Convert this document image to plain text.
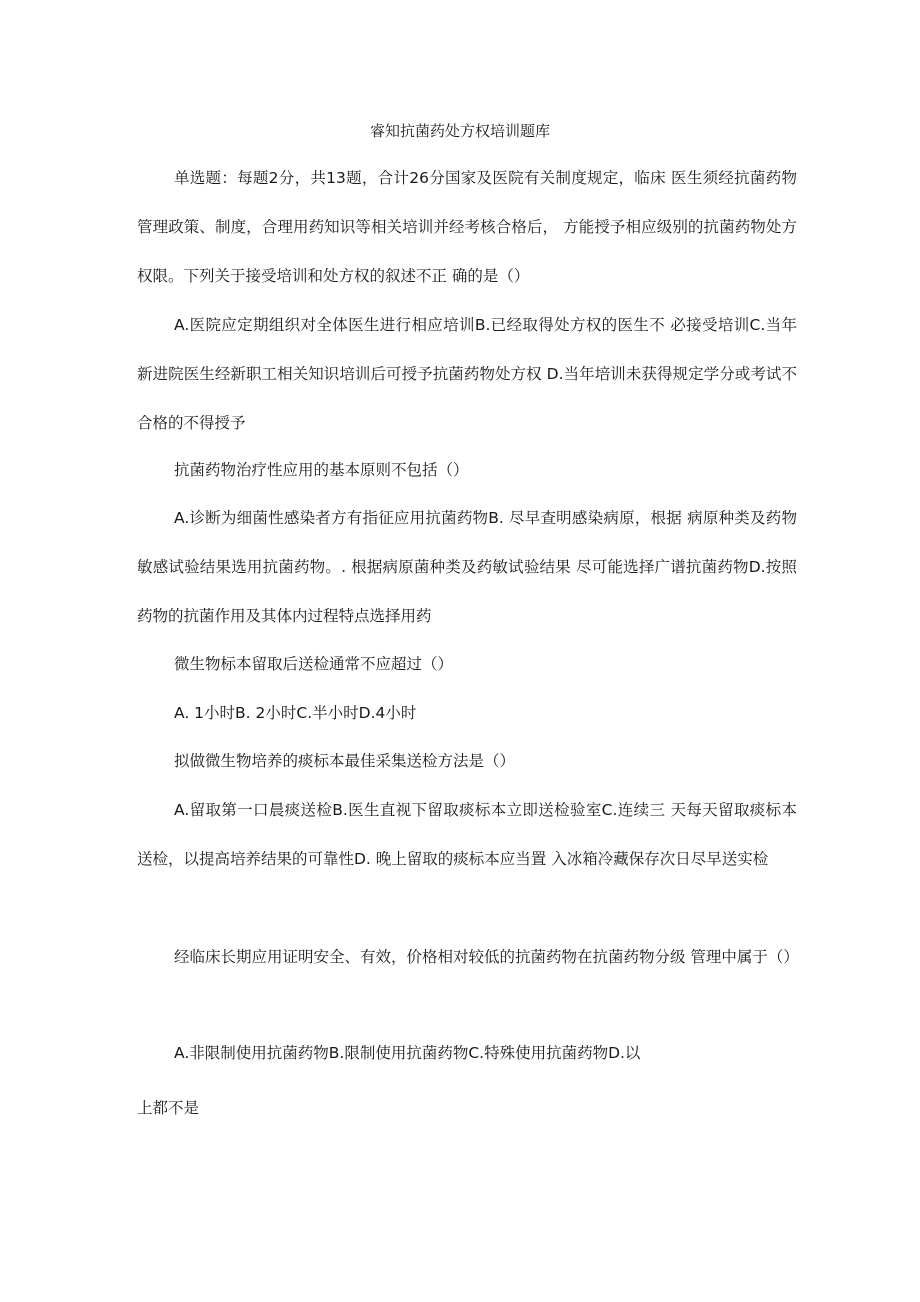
睿知抗菌药处方权培训题库
单选题：每题2分，共13题，合计26分国家及医院有关制度规定，临床 医生须经抗菌药物管理政策、制度，合理用药知识等相关培训并经考核合格后， 方能授予相应级别的抗菌药物处方权限。下列关于接受培训和处方权的叙述不正 确的是（）
A.医院应定期组织对全体医生进行相应培训B.已经取得处方权的医生不 必接受培训C.当年新进院医生经新职工相关知识培训后可授予抗菌药物处方权 D.当年培训未获得规定学分或考试不合格的不得授予
抗菌药物治疗性应用的基本原则不包括（）
A.诊断为细菌性感染者方有指征应用抗菌药物B. 尽早查明感染病原，根据 病原种类及药物敏感试验结果选用抗菌药物。. 根据病原菌种类及药敏试验结果 尽可能选择广谱抗菌药物D.按照药物的抗菌作用及其体内过程特点选择用药
微生物标本留取后送检通常不应超过（）
A. 1小时B. 2小时C.半小时D.4小时
拟做微生物培养的痰标本最佳采集送检方法是（）
A.留取第一口晨痰送检B.医生直视下留取痰标本立即送检验室C.连续三 天每天留取痰标本送检，以提高培养结果的可靠性D. 晚上留取的痰标本应当置 入冰箱冷藏保存次日尽早送实检
经临床长期应用证明安全、有效，价格相对较低的抗菌药物在抗菌药物分级 管理中属于（）
A.非限制使用抗菌药物B.限制使用抗菌药物C.特殊使用抗菌药物D.以
上都不是
